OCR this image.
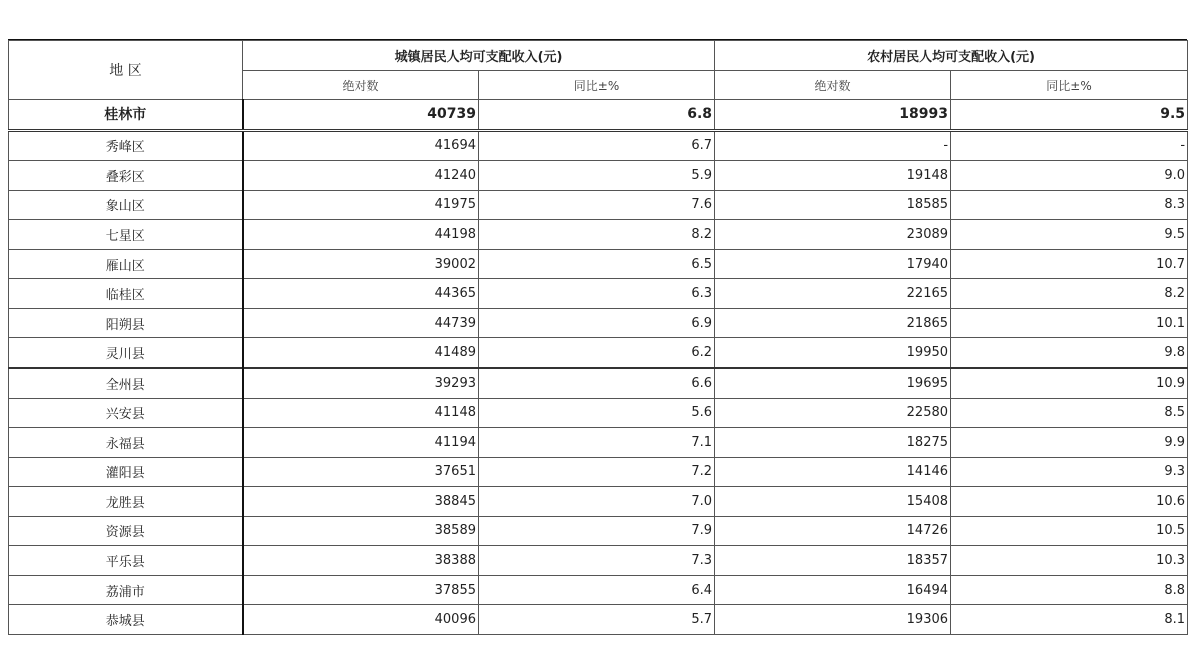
地 区	城镇居民人均可支配收入(元)		农村居民人均可支配收入(元)	
	绝对数	同比±%	绝对数	同比±%
桂林市	40739	6.8	18993	9.5
秀峰区	41694	6.7	-	-
叠彩区	41240	5.9	19148	9.0
象山区	41975	7.6	18585	8.3
七星区	44198	8.2	23089	9.5
雁山区	39002	6.5	17940	10.7
临桂区	44365	6.3	22165	8.2
阳朔县	44739	6.9	21865	10.1
灵川县	41489	6.2	19950	9.8
全州县	39293	6.6	19695	10.9
兴安县	41148	5.6	22580	8.5
永福县	41194	7.1	18275	9.9
灌阳县	37651	7.2	14146	9.3
龙胜县	38845	7.0	15408	10.6
资源县	38589	7.9	14726	10.5
平乐县	38388	7.3	18357	10.3
荔浦市	37855	6.4	16494	8.8
恭城县	40096	5.7	19306	8.1
